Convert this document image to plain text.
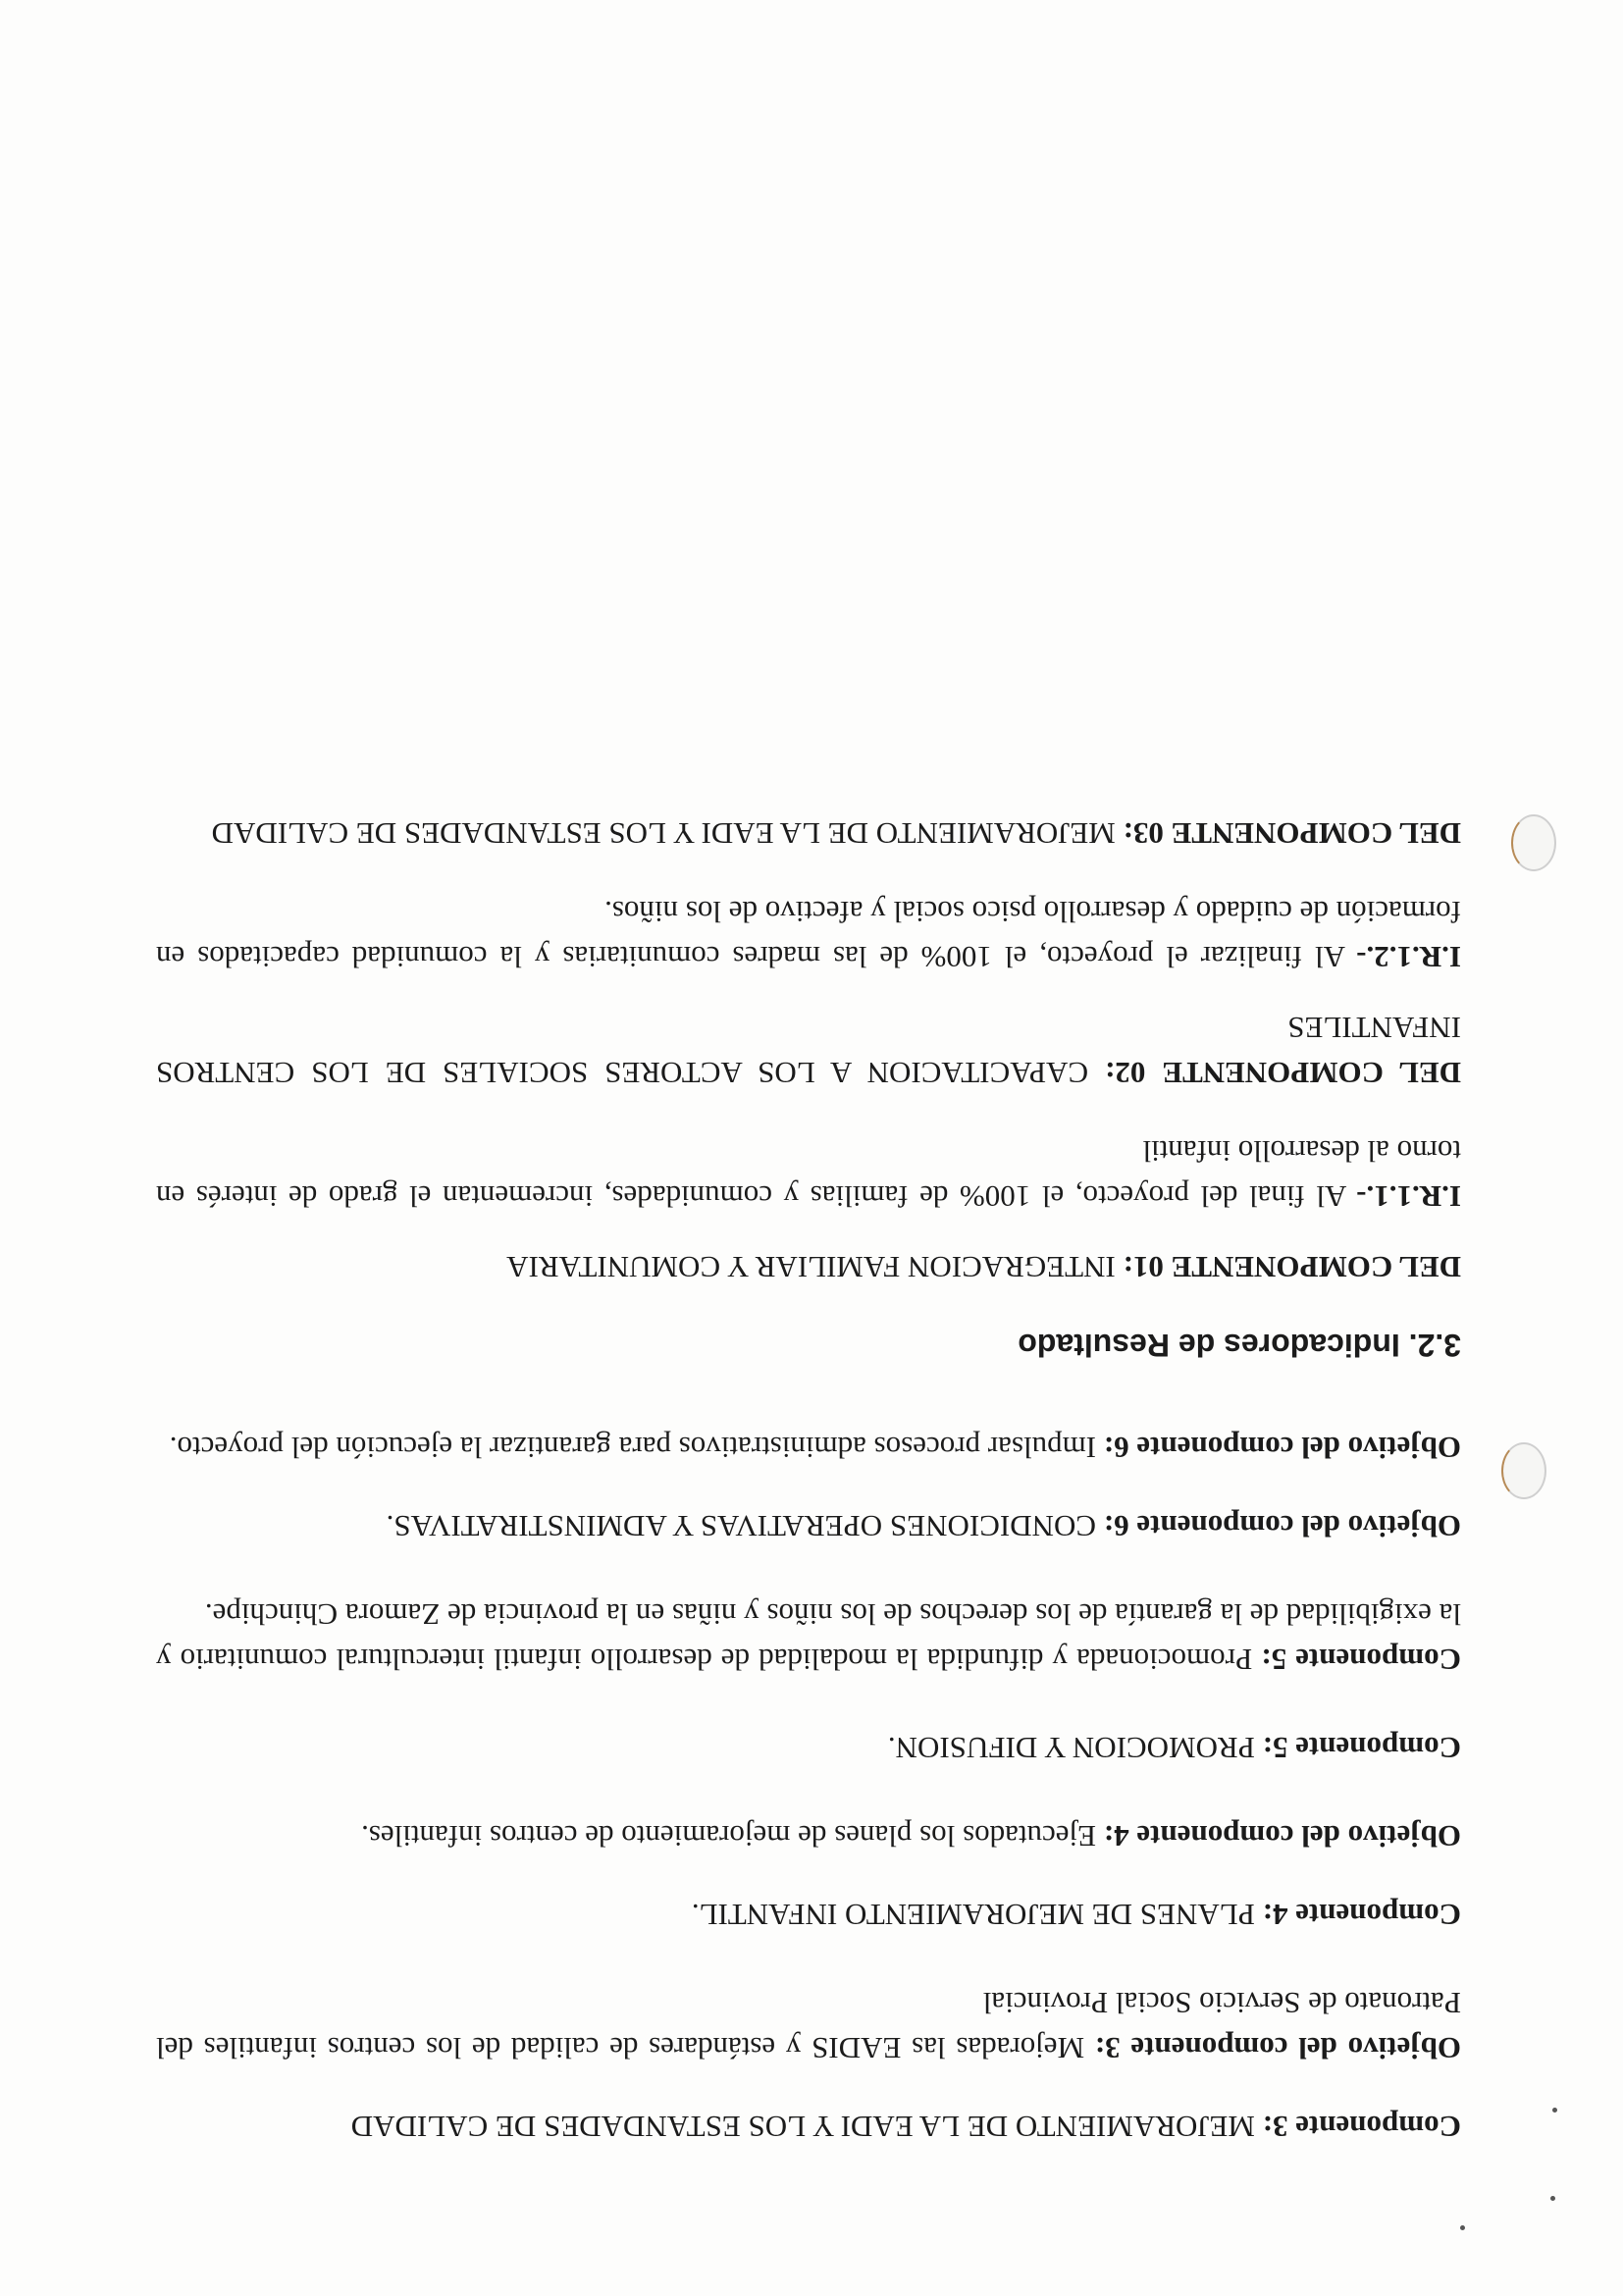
Componente 3: MEJORAMIENTO DE LA EADI Y LOS ESTANDADES DE CALIDAD

Objetivo del componente 3: Mejoradas las EADIS y estándares de calidad de los centros infantiles del Patronato de Servicio Social Provincial

Componente 4: PLANES DE MEJORAMIENTO INFANTIL.

Objetivo del componente 4: Ejecutados los planes de mejoramiento de centros infantiles.

Componente 5: PROMOCION Y DIFUSION.

Componente 5: Promocionada y difundida la modalidad de desarrollo infantil intercultural comunitario y la exigibilidad de la garantía de los derechos de los niños y niñas en la provincia de Zamora Chinchipe.

Objetivo del componente 6: CONDICIONES OPERATIVAS Y ADMINSTIRATIVAS.

Objetivo del componente 6: Impulsar procesos administrativos para garantizar la ejecución del proyecto.

3.2. Indicadores de Resultado

DEL COMPONENTE 01: INTEGRACION FAMILIAR Y COMUNITARIA

I.R.1.1.- Al final del proyecto, el 100% de familias y comunidades, incrementan el grado de interés en torno al desarrollo infantil

DEL COMPONENTE 02: CAPACITACION A LOS ACTORES SOCIALES DE LOS CENTROS INFANTILES

I.R.1.2.- Al finalizar el proyecto, el 100% de las madres comunitarias y la comunidad capacitados en formación de cuidado y desarrollo psico social y afectivo de los niños.

DEL COMPONENTE 03: MEJORAMIENTO DE LA EADI Y LOS ESTANDADES DE CALIDAD
